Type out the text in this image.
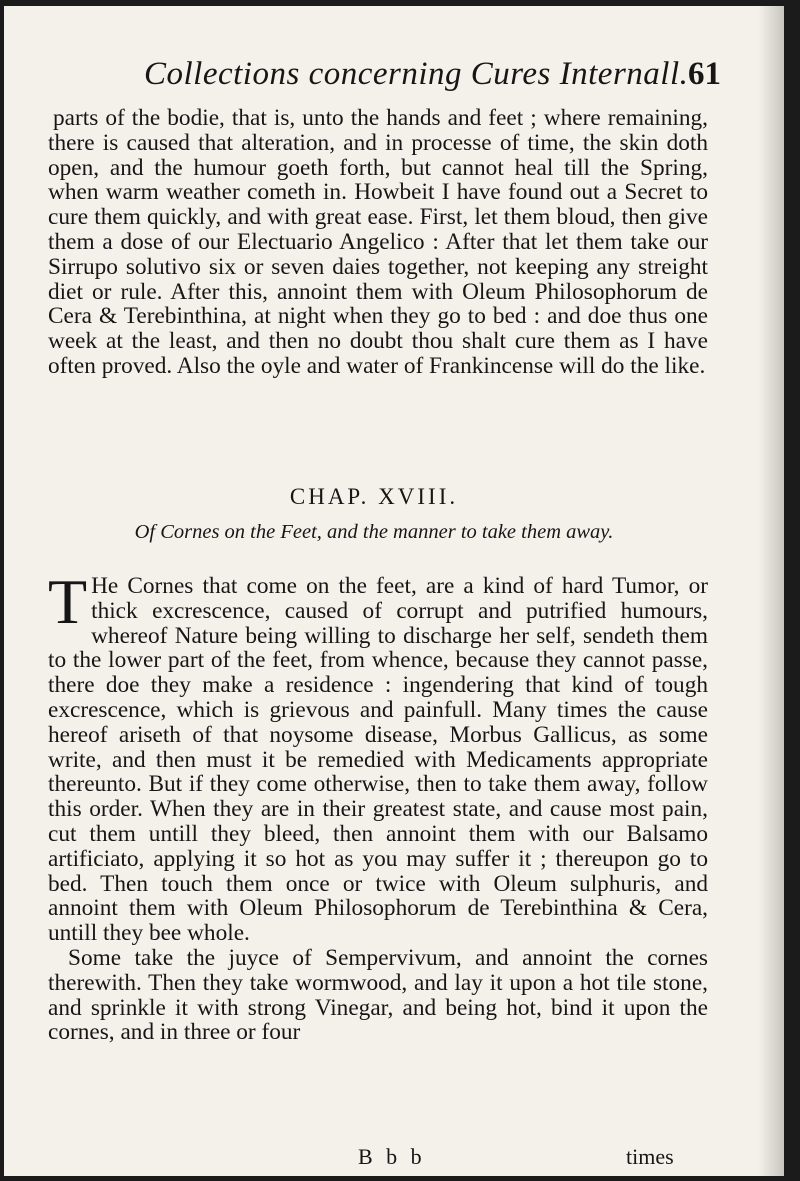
Collections concerning Cures Internall. 61
parts of the bodie, that is, unto the hands and feet ; where remaining, there is caused that alteration, and in processe of time, the skin doth open, and the humour goeth forth, but cannot heal till the Spring, when warm weather cometh in. Howbeit I have found out a Secret to cure them quickly, and with great ease. First, let them bloud, then give them a dose of our Electuario Angelico : After that let them take our Sirrupo solutivo six or seven daies together, not keeping any streight diet or rule. After this, annoint them with Oleum Philosophorum de Cera & Terebinthina, at night when they go to bed : and doe thus one week at the least, and then no doubt thou shalt cure them as I have often proved. Also the oyle and water of Frankincense will do the like.
CHAP. XVIII.
Of Cornes on the Feet, and the manner to take them away.
T He Cornes that come on the feet, are a kind of hard Tumor, or thick excrescence, caused of corrupt and putrified humours, whereof Nature being willing to discharge her self, sendeth them to the lower part of the feet, from whence, because they cannot passe, there doe they make a residence : ingendering that kind of tough excrescence, which is grievous and painfull. Many times the cause hereof ariseth of that noysome disease, Morbus Gallicus, as some write, and then must it be remedied with Medicaments appropriate thereunto. But if they come otherwise, then to take them away, follow this order. When they are in their greatest state, and cause most pain, cut them untill they bleed, then annoint them with our Balsamo artificiato, applying it so hot as you may suffer it ; thereupon go to bed. Then touch them once or twice with Oleum sulphuris, and annoint them with Oleum Philosophorum de Terebinthina & Cera, untill they bee whole.
Some take the juyce of Sempervivum, and annoint the cornes therewith. Then they take wormwood, and lay it upon a hot tile stone, and sprinkle it with strong Vinegar, and being hot, bind it upon the cornes, and in three or four
B b b	times
